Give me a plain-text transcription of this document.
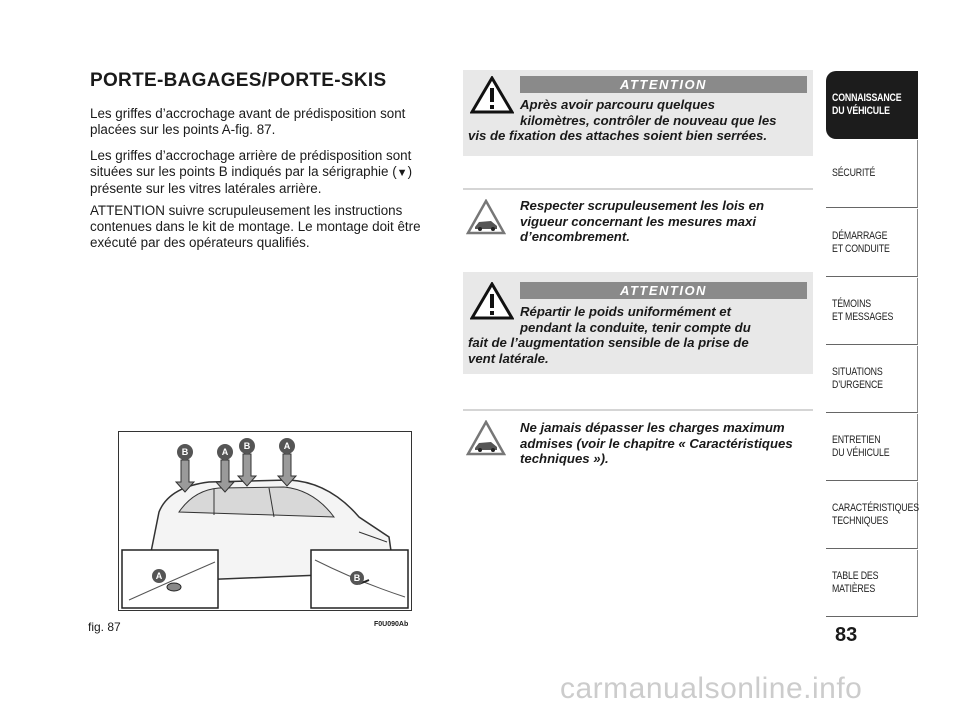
PORTE-BAGAGES/PORTE-SKIS
Les griffes d’accrochage avant de prédisposition sont placées sur les points A-fig. 87.
Les griffes d’accrochage arrière de prédisposition sont
situées sur les points B indiqués par la sérigraphie (▼)
présente sur les vitres latérales arrière.
ATTENTION suivre scrupuleusement les instructions contenues dans le kit de montage. Le montage doit être exécuté par des opérateurs qualifiés.
ATTENTION
Après avoir parcouru quelques
kilomètres, contrôler de nouveau que les
vis de fixation des attaches soient bien serrées.
Respecter scrupuleusement les lois en
vigueur concernant les mesures maxi
d’encombrement.
ATTENTION
Répartir le poids uniformément et
pendant la conduite, tenir compte du
fait de l’augmentation sensible de la prise de
vent latérale.
Ne jamais dépasser les charges maximum
admises (voir le chapitre « Caractéristiques
techniques »).
B	A
B	A
A	B
fig. 87	F0U090Ab
CONNAISSANCE
DU VÉHICULE
SÉCURITÉ
DÉMARRAGE
ET CONDUITE
TÉMOINS
ET MESSAGES
SITUATIONS
D’URGENCE
ENTRETIEN
DU VÉHICULE
CARACTÉRISTIQUES
TECHNIQUES
TABLE DES
MATIÈRES
83
carmanualsonline.info
